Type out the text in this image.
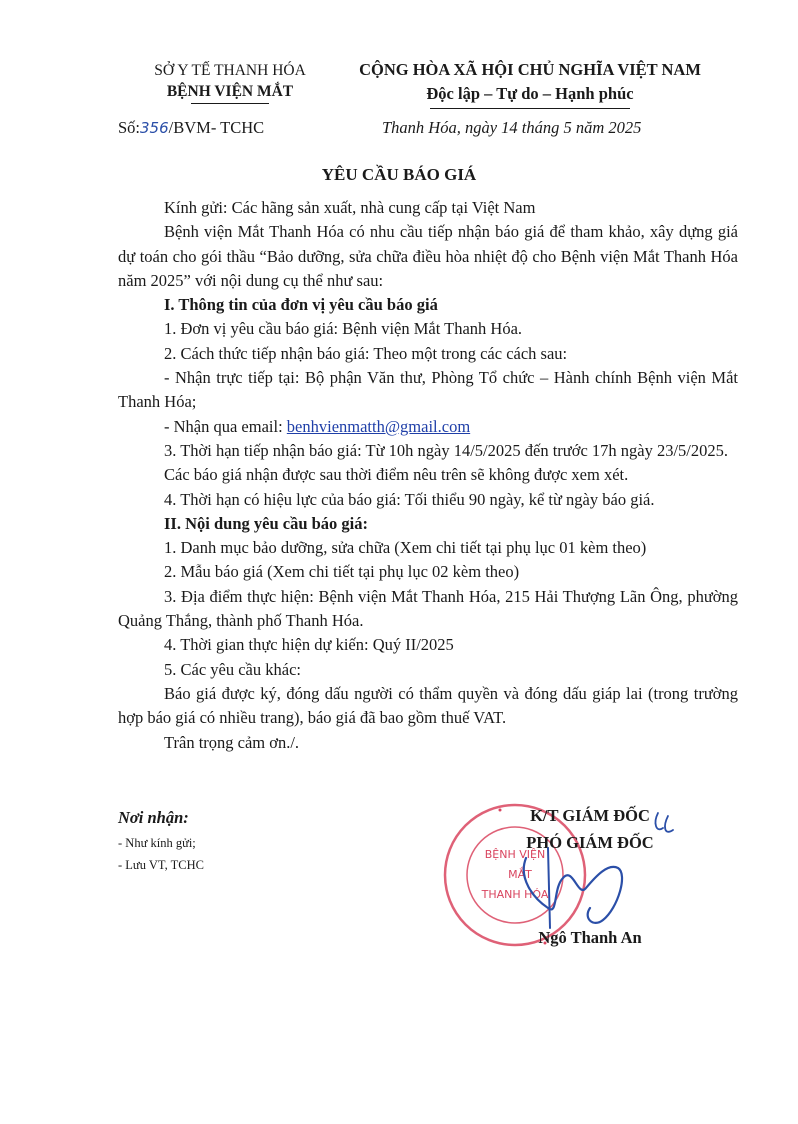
SỞ Y TẾ THANH HÓA
BỆNH VIỆN MẮT
CỘNG HÒA XÃ HỘI CHỦ NGHĨA VIỆT NAM
Độc lập – Tự do – Hạnh phúc
Số:356/BVM- TCHC	Thanh Hóa, ngày 14 tháng 5 năm 2025
YÊU CẦU BÁO GIÁ

Kính gửi: Các hãng sản xuất, nhà cung cấp tại Việt Nam

Bệnh viện Mắt Thanh Hóa có nhu cầu tiếp nhận báo giá để tham khảo, xây dựng giá dự toán cho gói thầu “Bảo dưỡng, sửa chữa điều hòa nhiệt độ cho Bệnh viện Mắt Thanh Hóa năm 2025” với nội dung cụ thể như sau:

I. Thông tin của đơn vị yêu cầu báo giá

1. Đơn vị yêu cầu báo giá: Bệnh viện Mắt Thanh Hóa.

2. Cách thức tiếp nhận báo giá: Theo một trong các cách sau:

- Nhận trực tiếp tại: Bộ phận Văn thư, Phòng Tổ chức – Hành chính Bệnh viện Mắt Thanh Hóa;

- Nhận qua email: benhvienmatth@gmail.com

3. Thời hạn tiếp nhận báo giá: Từ 10h ngày 14/5/2025 đến trước 17h ngày 23/5/2025.

Các báo giá nhận được sau thời điểm nêu trên sẽ không được xem xét.

4. Thời hạn có hiệu lực của báo giá: Tối thiểu 90 ngày, kể từ ngày báo giá.

II. Nội dung yêu cầu báo giá:

1. Danh mục bảo dưỡng, sửa chữa (Xem chi tiết tại phụ lục 01 kèm theo)

2. Mẫu báo giá (Xem chi tiết tại phụ lục 02 kèm theo)

3. Địa điểm thực hiện: Bệnh viện Mắt Thanh Hóa, 215 Hải Thượng Lãn Ông, phường Quảng Thắng, thành phố Thanh Hóa.

4. Thời gian thực hiện dự kiến: Quý II/2025

5. Các yêu cầu khác:

Báo giá được ký, đóng dấu người có thẩm quyền và đóng dấu giáp lai (trong trường hợp báo giá có nhiều trang), báo giá đã bao gồm thuế VAT.

Trân trọng cảm ơn./.

Nơi nhận:
- Như kính gửi;
- Lưu VT, TCHC
BỆNH VIỆN
MẮT
THANH HÓA
K/T GIÁM ĐỐC
PHÓ GIÁM ĐỐC
Ngô Thanh An
